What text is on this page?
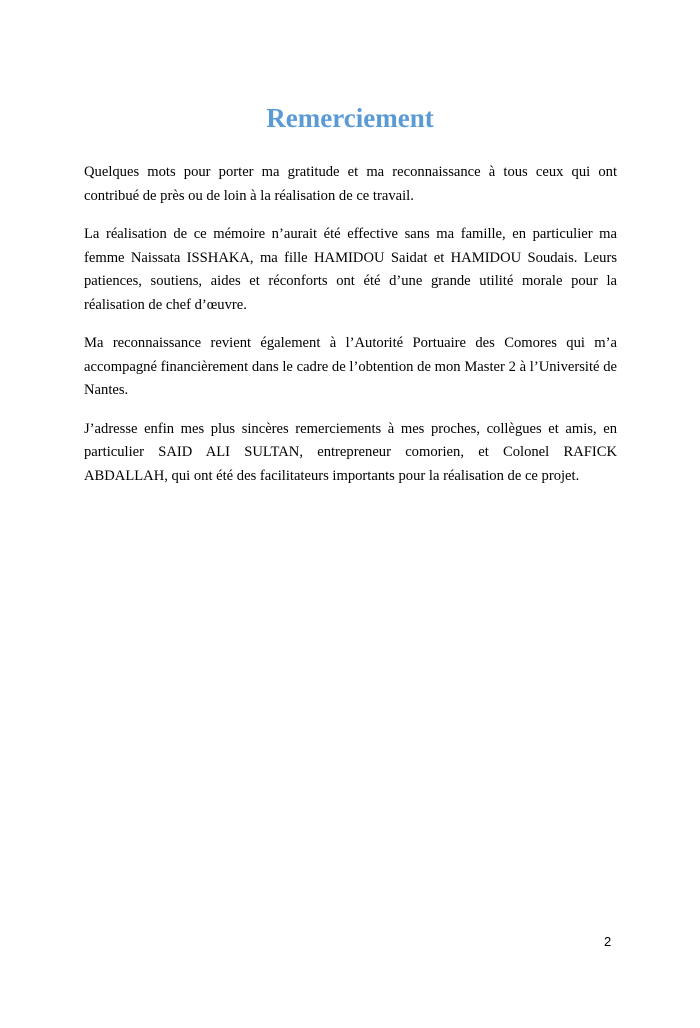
Remerciement

Quelques mots pour porter ma gratitude et ma reconnaissance à tous ceux qui ont contribué de près ou de loin à la réalisation de ce travail.

La réalisation de ce mémoire n’aurait été effective sans ma famille, en particulier ma femme Naissata ISSHAKA, ma fille HAMIDOU Saidat et HAMIDOU Soudais. Leurs patiences, soutiens, aides et réconforts ont été d’une grande utilité morale pour la réalisation de chef d’œuvre.

Ma reconnaissance revient également à l’Autorité Portuaire des Comores qui m’a accompagné financièrement dans le cadre de l’obtention de mon Master 2 à l’Université de Nantes.

J’adresse enfin mes plus sincères remerciements à mes proches, collègues et amis, en particulier SAID ALI SULTAN, entrepreneur comorien, et Colonel RAFICK ABDALLAH, qui ont été des facilitateurs importants pour la réalisation de ce projet.

2
